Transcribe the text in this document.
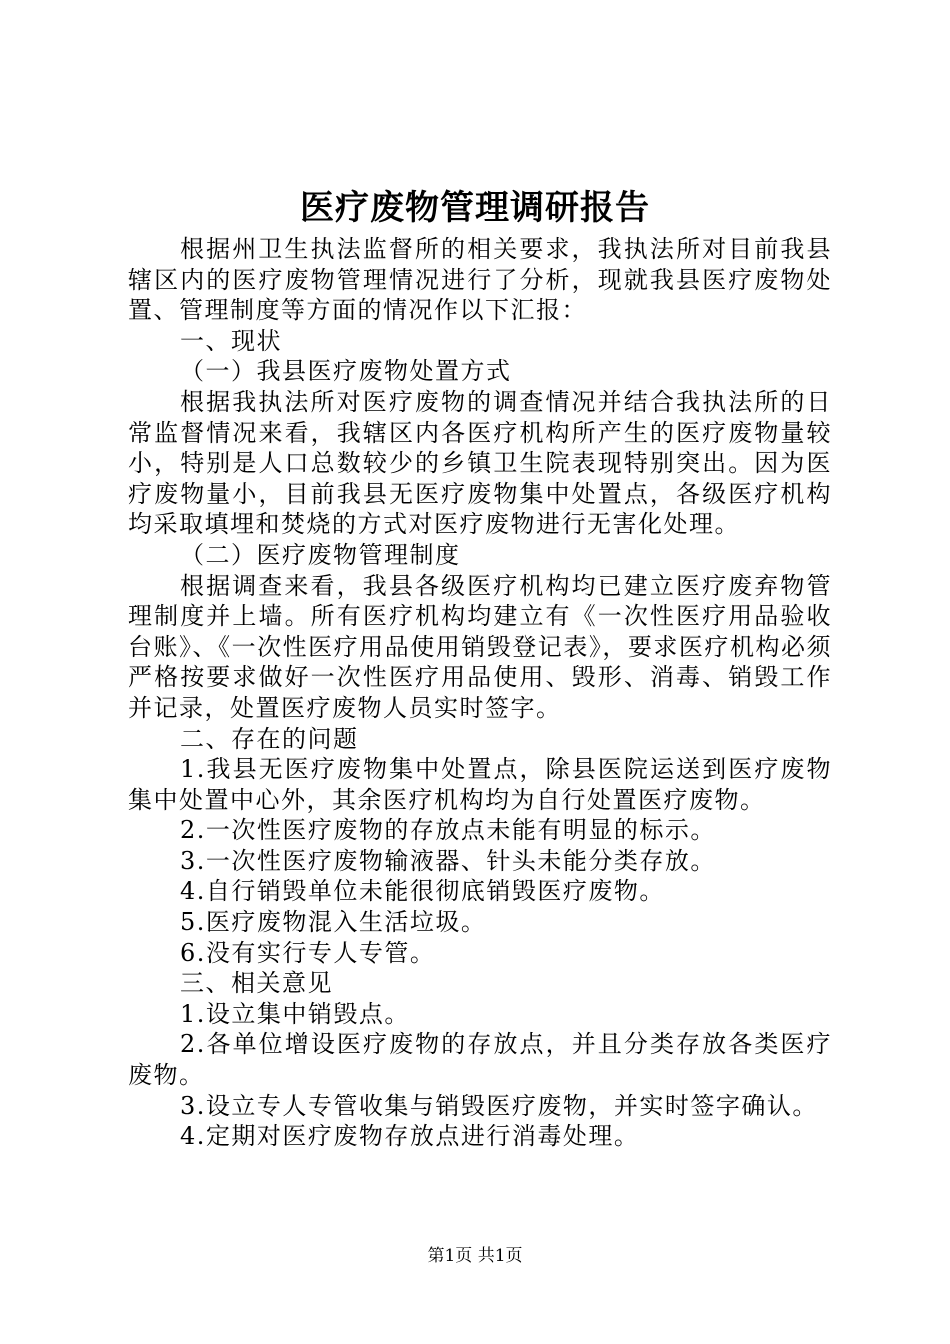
医疗废物管理调研报告

根据州卫生执法监督所的相关要求，我执法所对目前我县辖区内的医疗废物管理情况进行了分析，现就我县医疗废物处置、管理制度等方面的情况作以下汇报：

一、现状

（一）我县医疗废物处置方式

根据我执法所对医疗废物的调查情况并结合我执法所的日常监督情况来看，我辖区内各医疗机构所产生的医疗废物量较小，特别是人口总数较少的乡镇卫生院表现特别突出。因为医疗废物量小，目前我县无医疗废物集中处置点，各级医疗机构均采取填埋和焚烧的方式对医疗废物进行无害化处理。

（二）医疗废物管理制度

根据调查来看，我县各级医疗机构均已建立医疗废弃物管理制度并上墙。所有医疗机构均建立有《一次性医疗用品验收台账》、《一次性医疗用品使用销毁登记表》，要求医疗机构必须严格按要求做好一次性医疗用品使用、毁形、消毒、销毁工作并记录，处置医疗废物人员实时签字。

二、存在的问题

1.我县无医疗废物集中处置点，除县医院运送到医疗废物集中处置中心外，其余医疗机构均为自行处置医疗废物。

2.一次性医疗废物的存放点未能有明显的标示。

3.一次性医疗废物输液器、针头未能分类存放。

4.自行销毁单位未能很彻底销毁医疗废物。

5.医疗废物混入生活垃圾。

6.没有实行专人专管。

三、相关意见

1.设立集中销毁点。

2.各单位增设医疗废物的存放点，并且分类存放各类医疗废物。

3.设立专人专管收集与销毁医疗废物，并实时签字确认。

4.定期对医疗废物存放点进行消毒处理。

第1页 共1页
